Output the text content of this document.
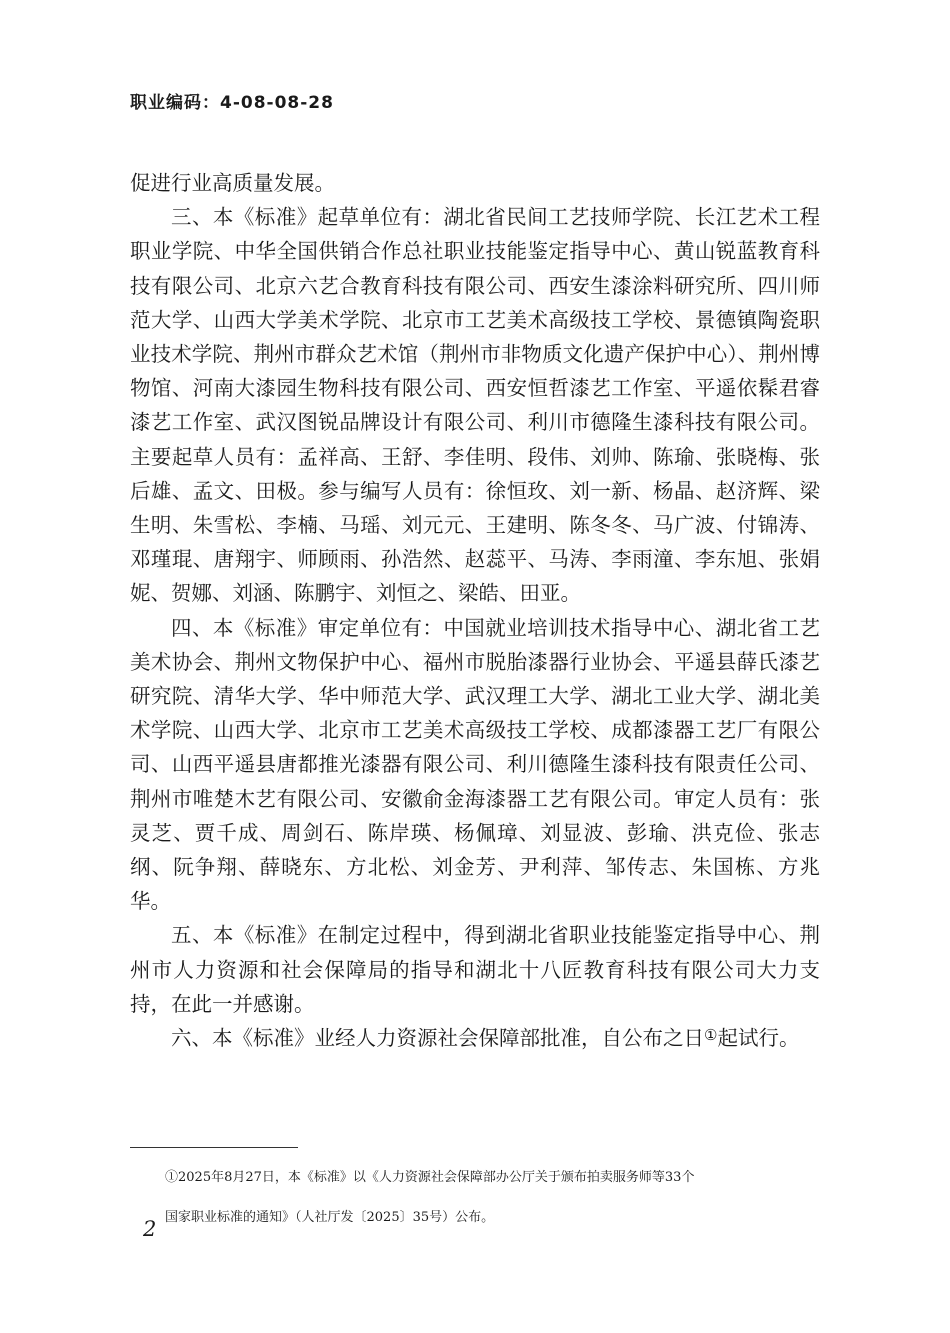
职业编码：4-08-08-28

促进行业高质量发展。

三、本《标准》起草单位有：湖北省民间工艺技师学院、长江艺术工程职业学院、中华全国供销合作总社职业技能鉴定指导中心、黄山锐蓝教育科技有限公司、北京六艺合教育科技有限公司、西安生漆涂料研究所、四川师范大学、山西大学美术学院、北京市工艺美术高级技工学校、景德镇陶瓷职业技术学院、荆州市群众艺术馆（荆州市非物质文化遗产保护中心）、荆州博物馆、河南大漆园生物科技有限公司、西安恒哲漆艺工作室、平遥依髹君睿漆艺工作室、武汉图锐品牌设计有限公司、利川市德隆生漆科技有限公司。主要起草人员有：孟祥高、王舒、李佳明、段伟、刘帅、陈瑜、张晓梅、张后雄、孟文、田极。参与编写人员有：徐恒玫、刘一新、杨晶、赵济辉、梁生明、朱雪松、李楠、马瑶、刘元元、王建明、陈冬冬、马广波、付锦涛、邓瑾琨、唐翔宇、师顾雨、孙浩然、赵蕊平、马涛、李雨潼、李东旭、张娟妮、贺娜、刘涵、陈鹏宇、刘恒之、梁皓、田亚。

四、本《标准》审定单位有：中国就业培训技术指导中心、湖北省工艺美术协会、荆州文物保护中心、福州市脱胎漆器行业协会、平遥县薛氏漆艺研究院、清华大学、华中师范大学、武汉理工大学、湖北工业大学、湖北美术学院、山西大学、北京市工艺美术高级技工学校、成都漆器工艺厂有限公司、山西平遥县唐都推光漆器有限公司、利川德隆生漆科技有限责任公司、荆州市唯楚木艺有限公司、安徽俞金海漆器工艺有限公司。审定人员有：张灵芝、贾千成、周剑石、陈岸瑛、杨佩璋、刘显波、彭瑜、洪克俭、张志纲、阮争翔、薛晓东、方北松、刘金芳、尹利萍、邹传志、朱国栋、方兆华。

五、本《标准》在制定过程中，得到湖北省职业技能鉴定指导中心、荆州市人力资源和社会保障局的指导和湖北十八匠教育科技有限公司大力支持，在此一并感谢。

六、本《标准》业经人力资源社会保障部批准，自公布之日①起试行。

①2025年8月27日，本《标准》以《人力资源社会保障部办公厅关于颁布拍卖服务师等33个
国家职业标准的通知》（人社厅发〔2025〕35号）公布。
2
